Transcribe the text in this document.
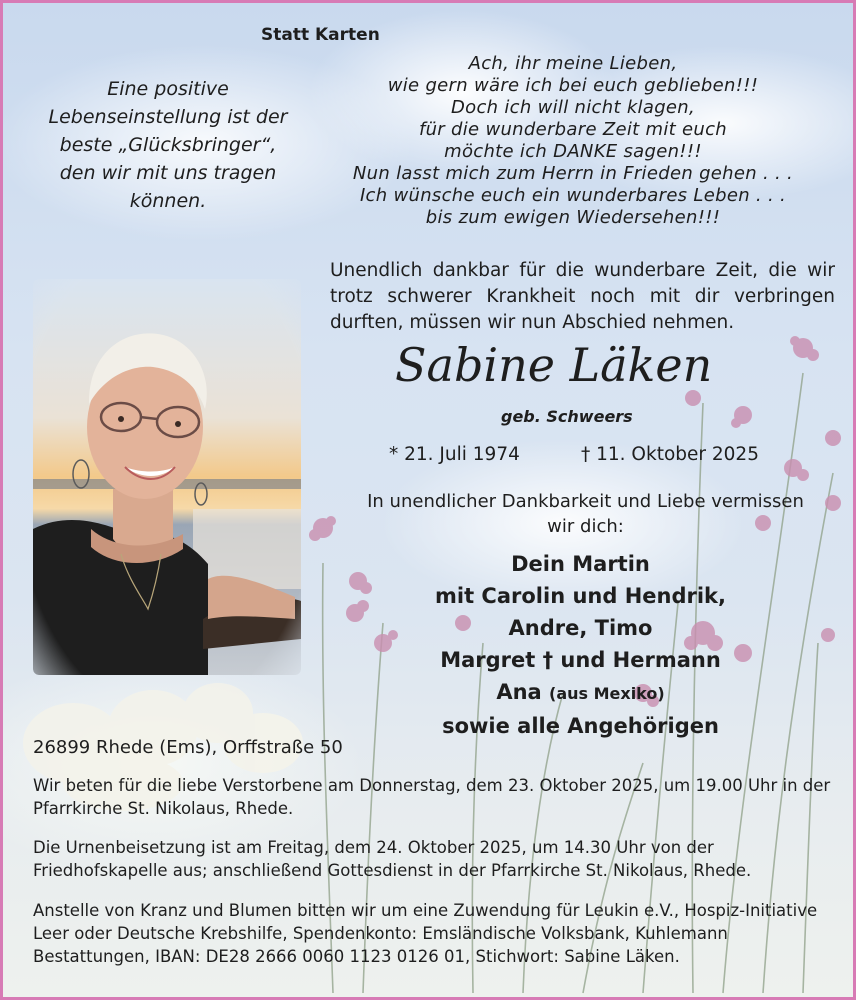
Statt Karten
Eine positive Lebenseinstellung ist der beste „Glücksbringer“, den wir mit uns tragen können.
Ach, ihr meine Lieben,
wie gern wäre ich bei euch geblieben!!!
Doch ich will nicht klagen,
für die wunderbare Zeit mit euch
möchte ich DANKE sagen!!!
Nun lasst mich zum Herrn in Frieden gehen . . .
Ich wünsche euch ein wunderbares Leben . . .
bis zum ewigen Wiedersehen!!!
Unendlich dankbar für die wunderbare Zeit, die wir trotz schwerer Krankheit noch mit dir verbringen durften, müssen wir nun Abschied nehmen.
Sabine Läken
geb. Schweers
* 21. Juli 1974	† 11. Oktober 2025
In unendlicher Dankbarkeit und Liebe vermissen wir dich:
Dein Martin
mit Carolin und Hendrik,
Andre, Timo
Margret † und Hermann
Ana (aus Mexiko)
sowie alle Angehörigen
26899 Rhede (Ems), Orffstraße 50
Wir beten für die liebe Verstorbene am Donnerstag, dem 23. Oktober 2025, um 19.00 Uhr in der Pfarrkirche St. Nikolaus, Rhede.
Die Urnenbeisetzung ist am Freitag, dem 24. Oktober 2025, um 14.30 Uhr von der Friedhofskapelle aus; anschließend Gottesdienst in der Pfarrkirche St. Nikolaus, Rhede.
Anstelle von Kranz und Blumen bitten wir um eine Zuwendung für Leukin e.V., Hospiz-Initiative Leer oder Deutsche Krebshilfe, Spendenkonto: Emsländische Volksbank, Kuhlemann Bestattungen, IBAN: DE28 2666 0060 1123 0126 01, Stichwort: Sabine Läken.
